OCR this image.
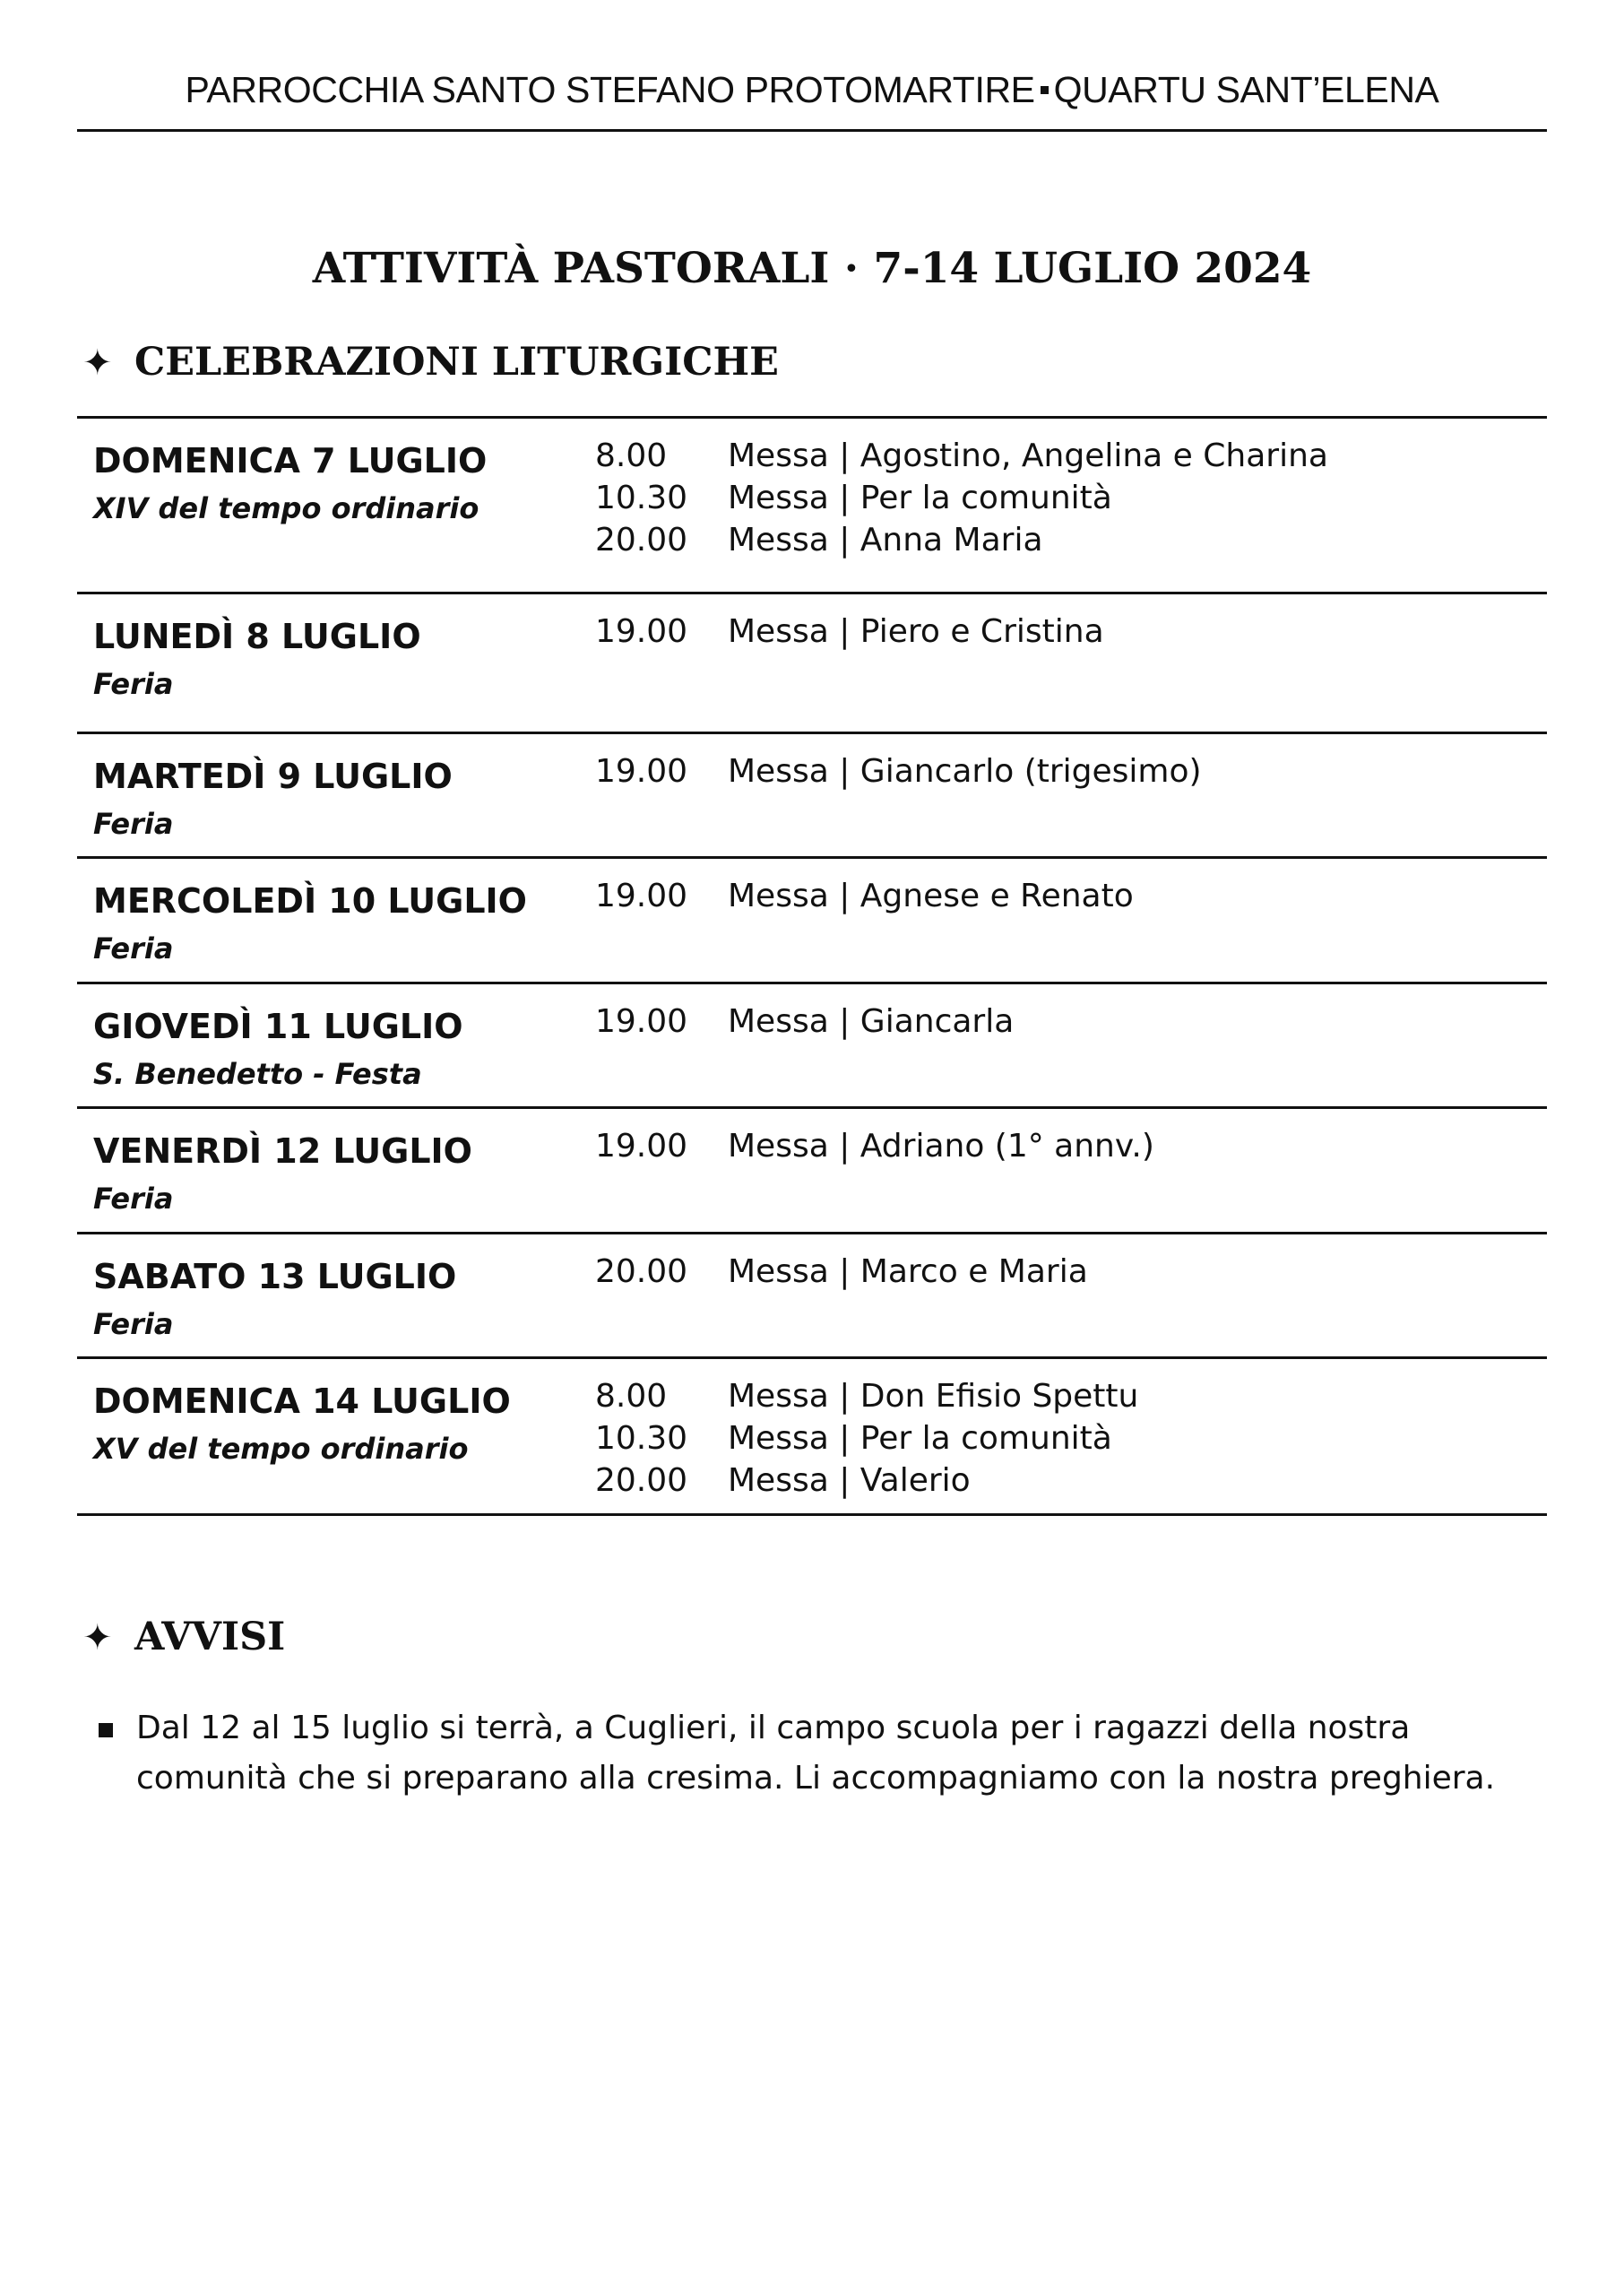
PARROCCHIA SANTO STEFANO PROTOMARTIRE QUARTU SANT’ELENA
ATTIVITÀ PASTORALI · 7-14 LUGLIO 2024
✦ CELEBRAZIONI LITURGICHE
DOMENICA 7 LUGLIO
XIV del tempo ordinario
8.00 Messa | Agostino, Angelina e Charina
10.30 Messa | Per la comunità
20.00 Messa | Anna Maria
LUNEDÌ 8 LUGLIO
Feria
19.00 Messa | Piero e Cristina
MARTEDÌ 9 LUGLIO
Feria
19.00 Messa | Giancarlo (trigesimo)
MERCOLEDÌ 10 LUGLIO
Feria
19.00 Messa | Agnese e Renato
GIOVEDÌ 11 LUGLIO
S. Benedetto - Festa
19.00 Messa | Giancarla
VENERDÌ 12 LUGLIO
Feria
19.00 Messa | Adriano (1° annv.)
SABATO 13 LUGLIO
Feria
20.00 Messa | Marco e Maria
DOMENICA 14 LUGLIO
XV del tempo ordinario
8.00 Messa | Don Efisio Spettu
10.30 Messa | Per la comunità
20.00 Messa | Valerio
✦ AVVISI
Dal 12 al 15 luglio si terrà, a Cuglieri, il campo scuola per i ragazzi della nostra comunità che si preparano alla cresima. Li accompagniamo con la nostra preghiera.
